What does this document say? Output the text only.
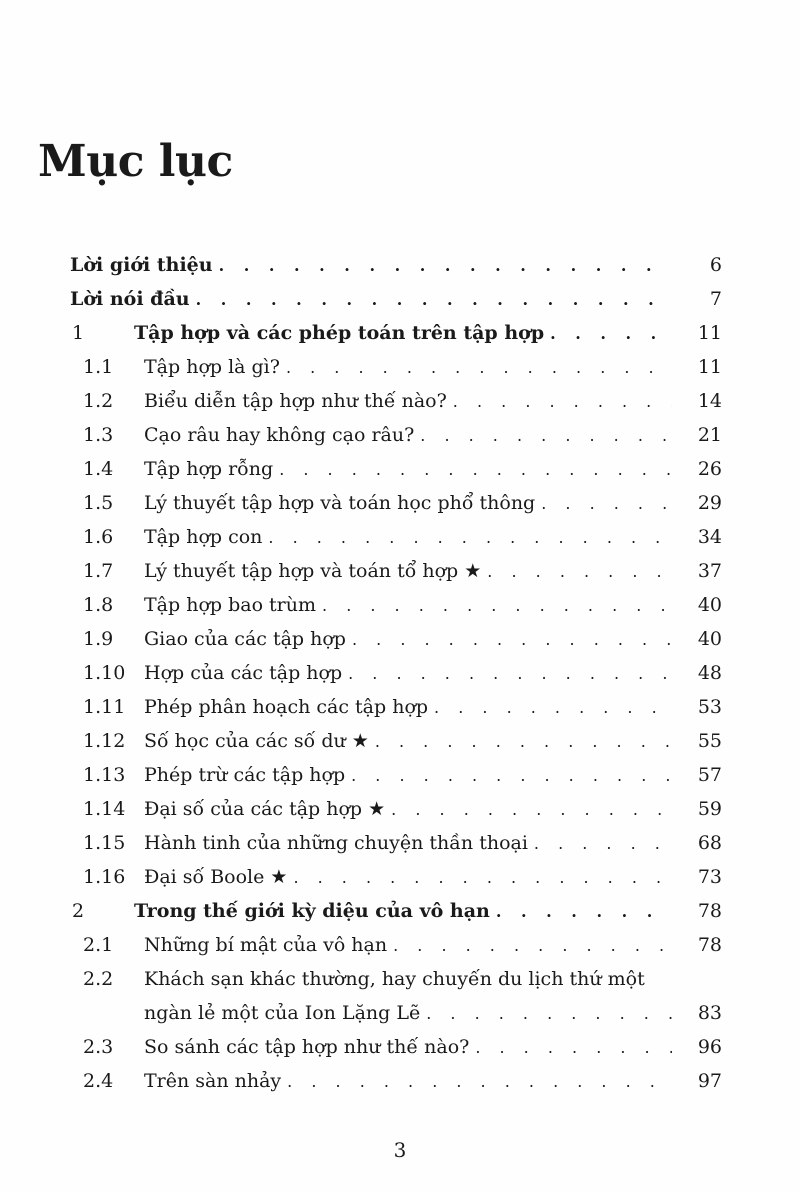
Mục lục
Lời giới thiệu . . .	6
Lời nói đầu . . .	7
1	Tập hợp và các phép toán trên tập hợp . . .	11
1.1 Tập hợp là gì? . . .	11
1.2 Biểu diễn tập hợp như thế nào? . . .	14
1.3 Cạo râu hay không cạo râu? . . .	21
1.4 Tập hợp rỗng . . .	26
1.5 Lý thuyết tập hợp và toán học phổ thông . . .	29
1.6 Tập hợp con . . .	34
1.7 Lý thuyết tập hợp và toán tổ hợp ★ . . .	37
1.8 Tập hợp bao trùm . . .	40
1.9 Giao của các tập hợp . . .	40
1.10 Hợp của các tập hợp . . .	48
1.11 Phép phân hoạch các tập hợp . . .	53
1.12 Số học của các số dư ★ . . .	55
1.13 Phép trừ các tập hợp . . .	57
1.14 Đại số của các tập hợp ★ . . .	59
1.15 Hành tinh của những chuyện thần thoại . . .	68
1.16 Đại số Boole ★ . . .	73
2	Trong thế giới kỳ diệu của vô hạn . . .	78
2.1 Những bí mật của vô hạn . . .	78
2.2 Khách sạn khác thường, hay chuyến du lịch thứ một
ngàn lẻ một của Ion Lặng Lẽ . . .	83
2.3 So sánh các tập hợp như thế nào? . . .	96
2.4 Trên sàn nhảy . . .	97
3
